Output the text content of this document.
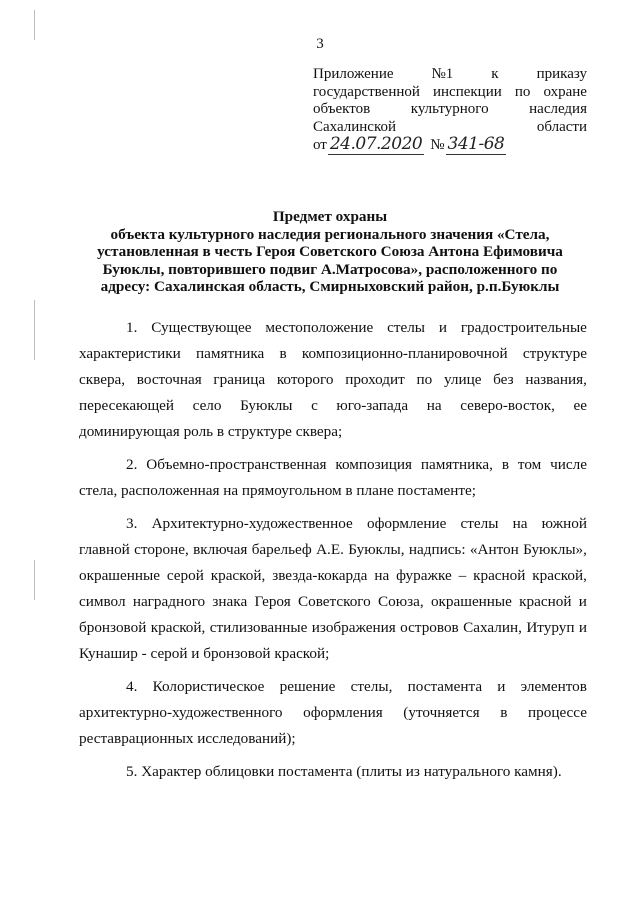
3
Приложение	№1	к	приказу
государственной инспекции по охране
объектов	культурного	наследия
Сахалинской	области
от 24.07.2020 № 341-68
Предмет охраны
объекта культурного наследия регионального значения «Стела,
установленная в честь Героя Советского Союза Антона Ефимовича
Буюклы, повторившего подвиг А.Матросова», расположенного по
адресу: Сахалинская область, Смирныховский район, р.п.Буюклы
1. Существующее местоположение стелы и градостроительные
характеристики памятника в композиционно-планировочной структуре
сквера, восточная граница которого проходит по улице без названия,
пересекающей село Буюклы с юго-запада на северо-восток, ее
доминирующая роль в структуре сквера;
2. Объемно-пространственная композиция памятника, в том числе
стела, расположенная на прямоугольном в плане постаменте;
3. Архитектурно-художественное оформление стелы на южной
главной стороне, включая барельеф А.Е. Буюклы, надпись: «Антон Буюклы»,
окрашенные серой краской, звезда-кокарда на фуражке – красной краской,
символ наградного знака Героя Советского Союза, окрашенные красной и
бронзовой краской, стилизованные изображения островов Сахалин, Итуруп и
Кунашир - серой и бронзовой краской;
4. Колористическое решение стелы, постамента и элементов
архитектурно-художественного оформления (уточняется в процессе
реставрационных исследований);
5. Характер облицовки постамента (плиты из натурального камня).
